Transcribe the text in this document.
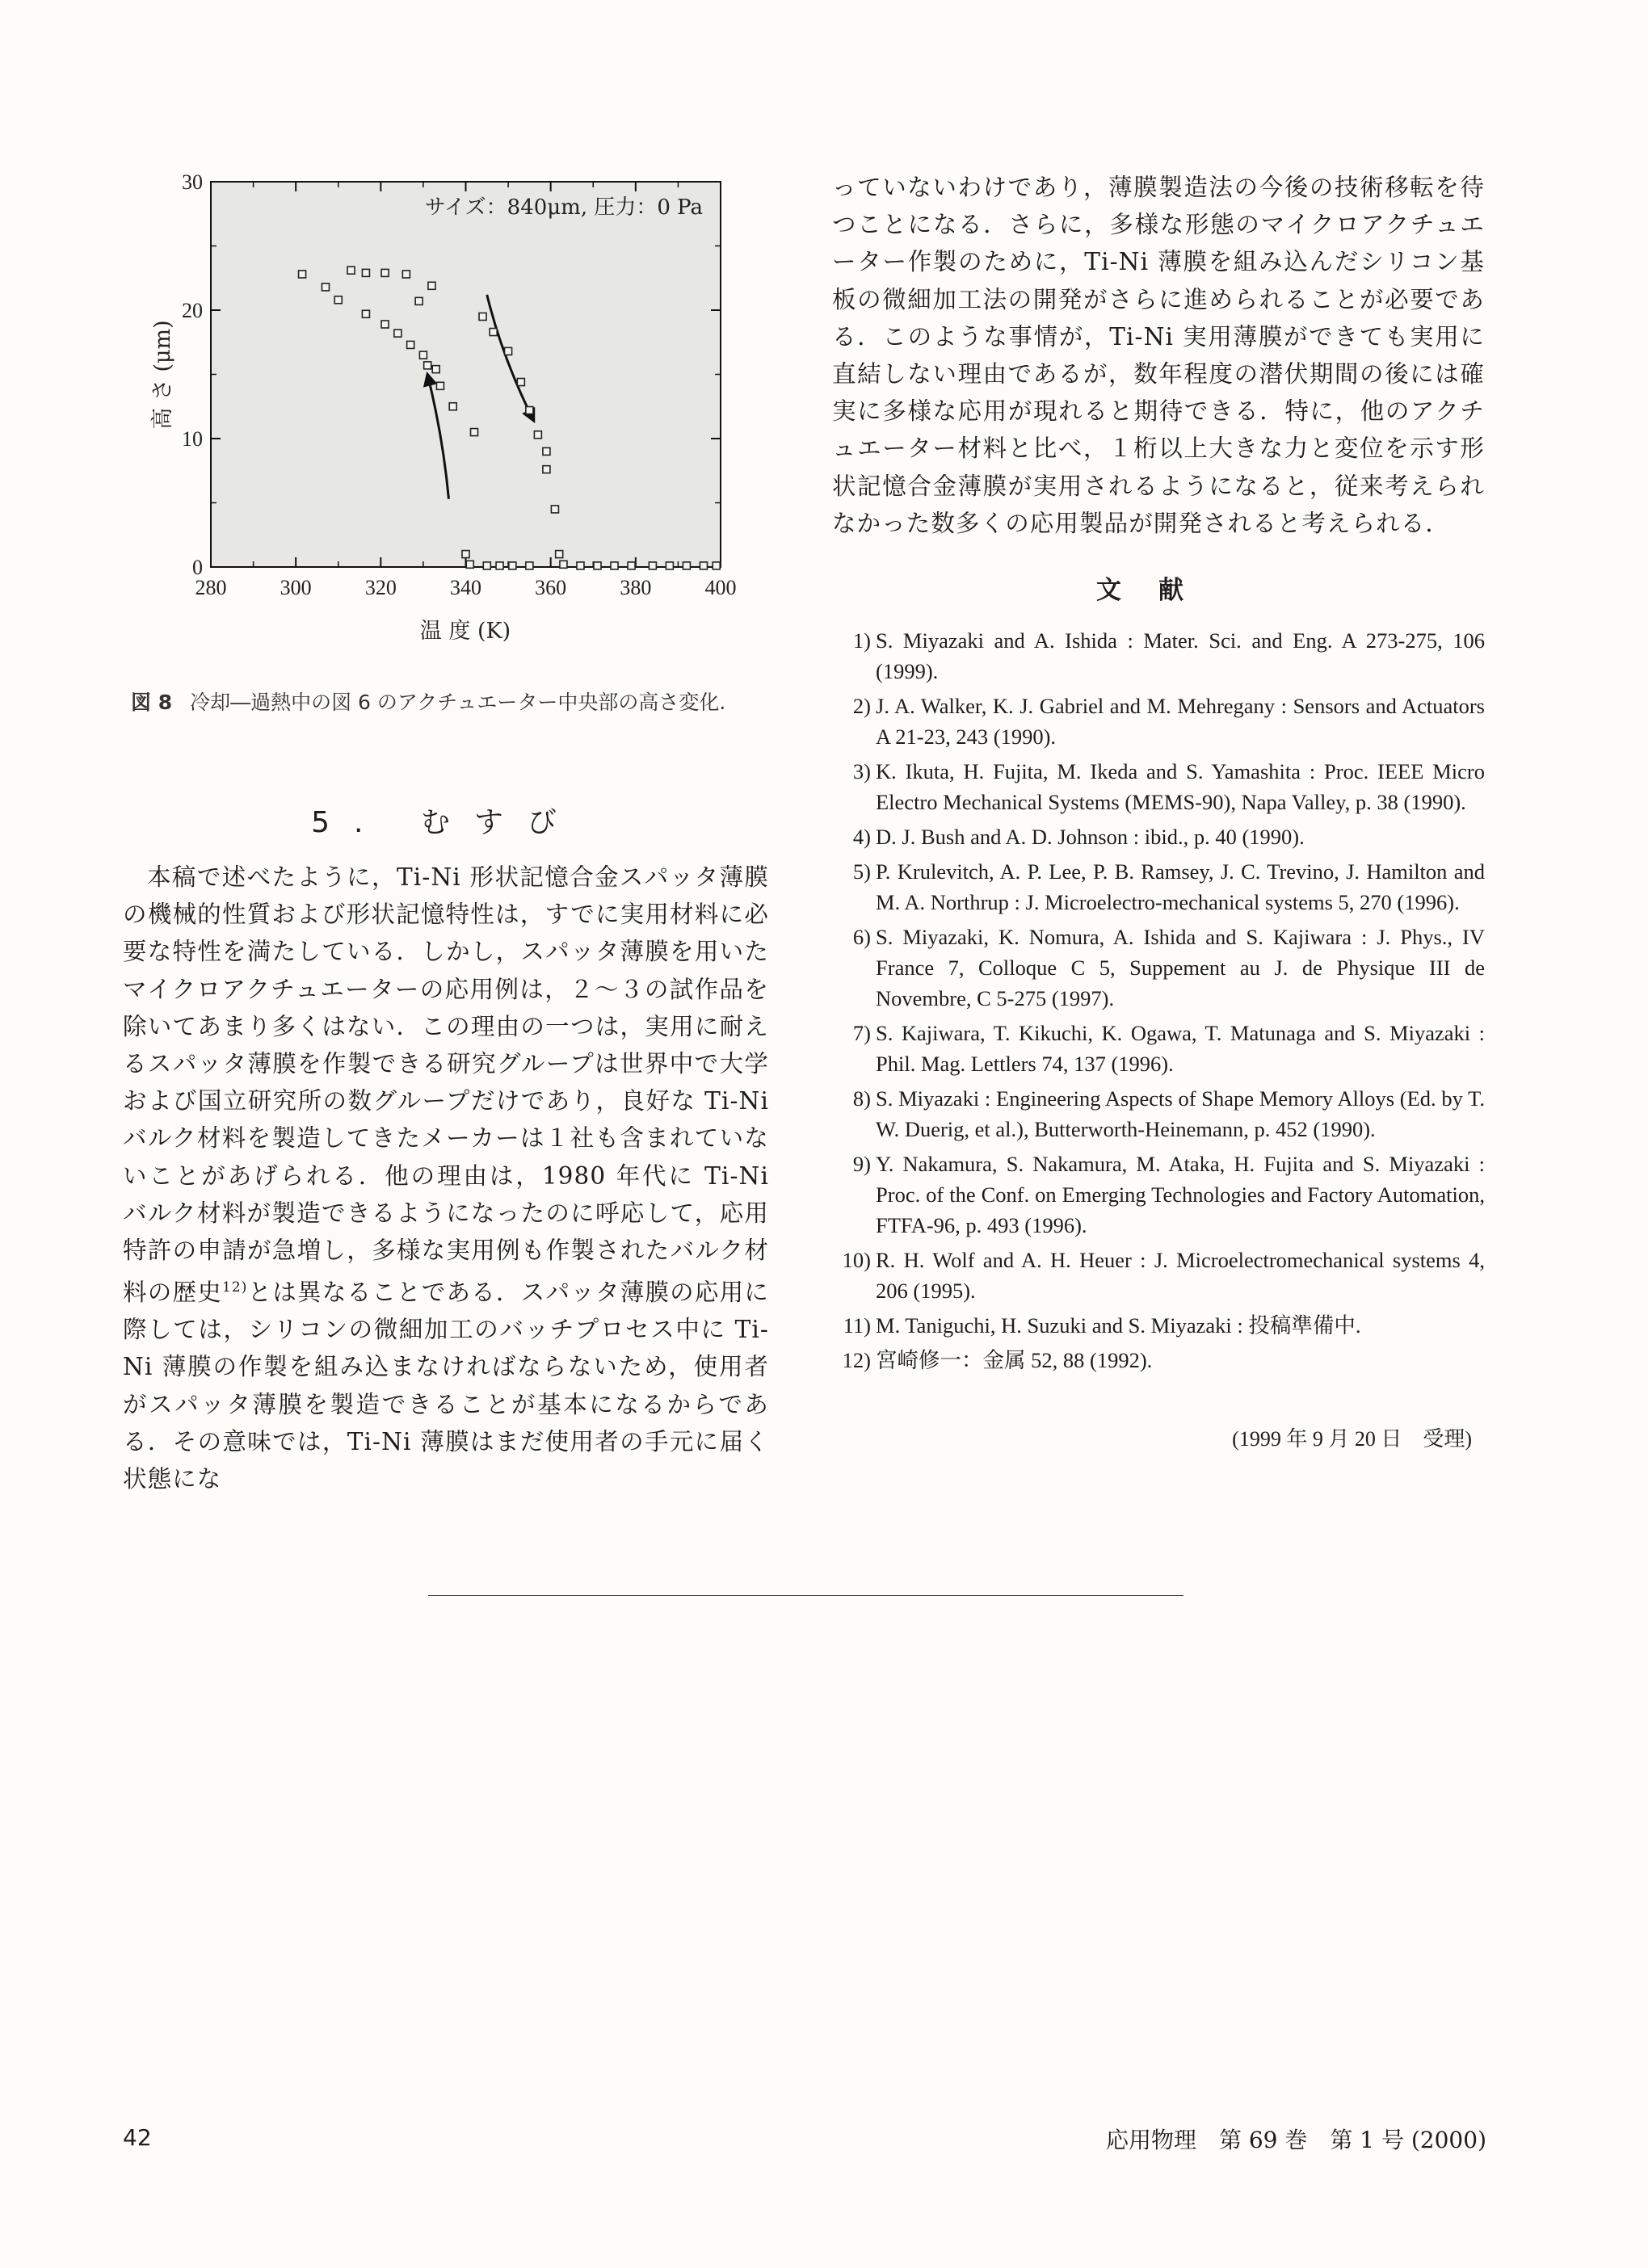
280	300	320	340	360	380	400
0
10
20
30
サイズ：840μm, 圧力：0 Pa
温 度 (K)
高 さ (μm)
図 8 冷却―過熱中の図 6 のアクチュエーター中央部の高さ変化.
5. むすび
本稿で述べたように，Ti-Ni 形状記憶合金スパッタ薄膜の機械的性質および形状記憶特性は，すでに実用材料に必要な特性を満たしている．しかし，スパッタ薄膜を用いたマイクロアクチュエーターの応用例は，２～３の試作品を除いてあまり多くはない．この理由の一つは，実用に耐えるスパッタ薄膜を作製できる研究グループは世界中で大学および国立研究所の数グループだけであり，良好な Ti-Ni バルク材料を製造してきたメーカーは１社も含まれていないことがあげられる．他の理由は，1980 年代に Ti-Ni バルク材料が製造できるようになったのに呼応して，応用特許の申請が急増し，多様な実用例も作製されたバルク材料の歴史$^{12)}$とは異なることである．スパッタ薄膜の応用に際しては，シリコンの微細加工のバッチプロセス中に Ti-Ni 薄膜の作製を組み込まなければならないため，使用者がスパッタ薄膜を製造できることが基本になるからである．その意味では，Ti-Ni 薄膜はまだ使用者の手元に届く状態にな
っていないわけであり，薄膜製造法の今後の技術移転を待つことになる．さらに，多様な形態のマイクロアクチュエーター作製のために，Ti-Ni 薄膜を組み込んだシリコン基板の微細加工法の開発がさらに進められることが必要である．このような事情が，Ti-Ni 実用薄膜ができても実用に直結しない理由であるが，数年程度の潜伏期間の後には確実に多様な応用が現れると期待できる．特に，他のアクチュエーター材料と比べ，１桁以上大きな力と変位を示す形状記憶合金薄膜が実用されるようになると，従来考えられなかった数多くの応用製品が開発されると考えられる．
文献
1) S. Miyazaki and A. Ishida : Mater. Sci. and Eng. A 273-275, 106 (1999).
2) J. A. Walker, K. J. Gabriel and M. Mehregany : Sensors and Actuators A 21-23, 243 (1990).
3) K. Ikuta, H. Fujita, M. Ikeda and S. Yamashita : Proc. IEEE Micro Electro Mechanical Systems (MEMS-90), Napa Valley, p. 38 (1990).
4) D. J. Bush and A. D. Johnson : ibid., p. 40 (1990).
5) P. Krulevitch, A. P. Lee, P. B. Ramsey, J. C. Trevino, J. Hamilton and M. A. Northrup : J. Microelectro-mechanical systems 5, 270 (1996).
6) S. Miyazaki, K. Nomura, A. Ishida and S. Kajiwara : J. Phys., IV France 7, Colloque C 5, Suppement au J. de Physique III de Novembre, C 5-275 (1997).
7) S. Kajiwara, T. Kikuchi, K. Ogawa, T. Matunaga and S. Miyazaki : Phil. Mag. Lettlers 74, 137 (1996).
8) S. Miyazaki : Engineering Aspects of Shape Memory Alloys (Ed. by T. W. Duerig, et al.), Butterworth-Heinemann, p. 452 (1990).
9) Y. Nakamura, S. Nakamura, M. Ataka, H. Fujita and S. Miyazaki : Proc. of the Conf. on Emerging Technologies and Factory Automation, FTFA-96, p. 493 (1996).
10) R. H. Wolf and A. H. Heuer : J. Microelectromechanical systems 4, 206 (1995).
11) M. Taniguchi, H. Suzuki and S. Miyazaki : 投稿準備中.
12) 宮崎修一：金属 52, 88 (1992).
(1999 年 9 月 20 日　受理)
42	応用物理　第 69 巻　第 1 号 (2000)
